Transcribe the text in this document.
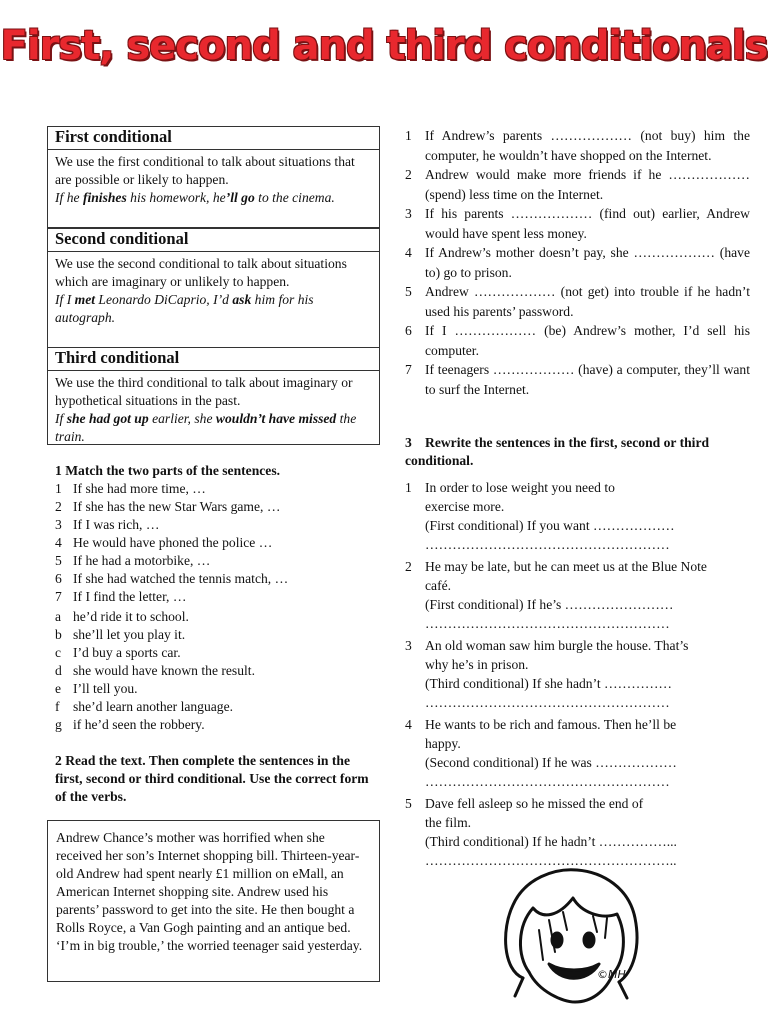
First, second and third conditionals
First conditional
We use the first conditional to talk about situations that are possible or likely to happen.
If he finishes his homework, he’ll go to the cinema.
Second conditional
We use the second conditional to talk about situations which are imaginary or unlikely to happen.
If I met Leonardo DiCaprio, I’d ask him for his autograph.
Third conditional
We use the third conditional to talk about imaginary or hypothetical situations in the past.
If she had got up earlier, she wouldn’t have missed the train.
1 Match the two parts of the sentences.
1 If she had more time, …
2 If she has the new Star Wars game, …
3 If I was rich, …
4 He would have phoned the police …
5 If he had a motorbike, …
6 If she had watched the tennis match, …
7 If I find the letter, …
a he’d ride it to school.
b she’ll let you play it.
c I’d buy a sports car.
d she would have known the result.
e I’ll tell you.
f she’d learn another language.
g if he’d seen the robbery.
2 Read the text. Then complete the sentences in the first, second or third conditional. Use the correct form of the verbs.
Andrew Chance’s mother was horrified when she received her son’s Internet shopping bill. Thirteen-year-old Andrew had spent nearly £1 million on eMall, an American Internet shopping site. Andrew used his parents’ password to get into the site. He then bought a Rolls Royce, a Van Gogh painting and an antique bed. ‘I’m in big trouble,’ the worried teenager said yesterday.
1 If Andrew’s parents ……………… (not buy) him the computer, he wouldn’t have shopped on the Internet.
2 Andrew would make more friends if he ……………… (spend) less time on the Internet.
3 If his parents ……………… (find out) earlier, Andrew would have spent less money.
4 If Andrew’s mother doesn’t pay, she ……………… (have to) go to prison.
5 Andrew ……………… (not get) into trouble if he hadn’t used his parents’ password.
6 If I ……………… (be) Andrew’s mother, I’d sell his computer.
7 If teenagers ……………… (have) a computer, they’ll want to surf the Internet.
3 Rewrite the sentences in the first, second or third conditional.
1 In order to lose weight you need to
exercise more.
(First conditional) If you want ………………
………………………………………………
2 He may be late, but he can meet us at the Blue Note
café.
(First conditional) If he’s ……………………
………………………………………………
3 An old woman saw him burgle the house. That’s
why he’s in prison.
(Third conditional) If she hadn’t ……………
………………………………………………
4 He wants to be rich and famous. Then he’ll be
happy.
(Second conditional) If he was ………………
………………………………………………
5 Dave fell asleep so he missed the end of
the film.
(Third conditional) If he hadn’t ……………...
………………………………………………..
©MH
